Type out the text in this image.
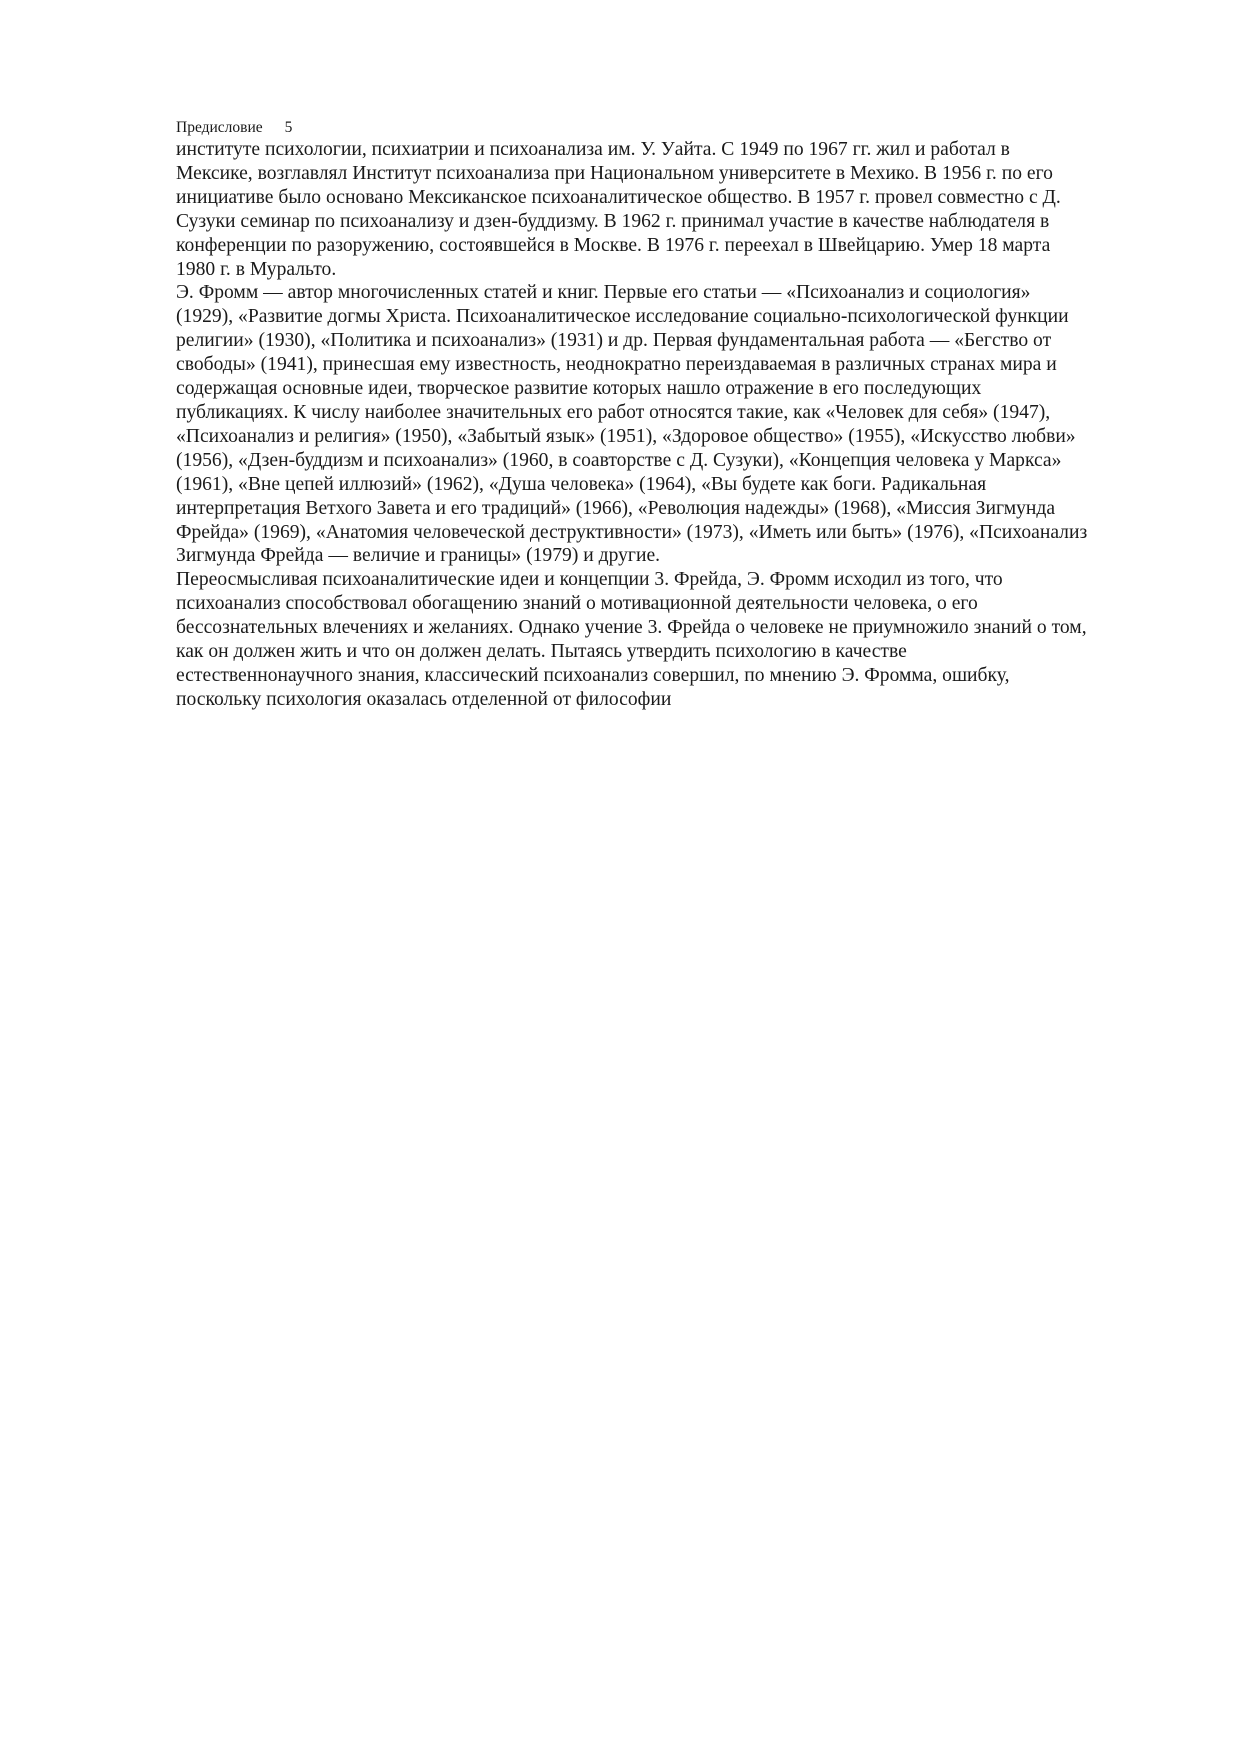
Предисловие 5
институте психологии, психиатрии и психоанализа им. У. Уайта. С 1949 по 1967 гг. жил и работал в
Мексике, возглавлял Институт психоанализа при Национальном университете в Мехико. В 1956 г. по его
инициативе было основано Мексиканское психоаналитическое общество. В 1957 г. провел совместно с Д.
Сузуки семинар по психоанализу и дзен-буддизму. В 1962 г. принимал участие в качестве наблюдателя в
конференции по разоружению, состоявшейся в Москве. В 1976 г. переехал в Швейцарию. Умер 18 марта
1980 г. в Муральто.
Э. Фромм — автор многочисленных статей и книг. Первые его статьи — «Психоанализ и социология»
(1929), «Развитие догмы Христа. Психоаналитическое исследование социально-психологической функции
религии» (1930), «Политика и психоанализ» (1931) и др. Первая фундаментальная работа — «Бегство от
свободы» (1941), принесшая ему известность, неоднократно переиздаваемая в различных странах мира и
содержащая основные идеи, творческое развитие которых нашло отражение в его последующих
публикациях. К числу наиболее значительных его работ относятся такие, как «Человек для себя» (1947),
«Психоанализ и религия» (1950), «Забытый язык» (1951), «Здоровое общество» (1955), «Искусство любви»
(1956), «Дзен-буддизм и психоанализ» (1960, в соавторстве с Д. Сузуки), «Концепция человека у Маркса»
(1961), «Вне цепей иллюзий» (1962), «Душа человека» (1964), «Вы будете как боги. Радикальная
интерпретация Ветхого Завета и его традиций» (1966), «Революция надежды» (1968), «Миссия Зигмунда
Фрейда» (1969), «Анатомия человеческой деструктивности» (1973), «Иметь или быть» (1976), «Психоанализ
Зигмунда Фрейда — величие и границы» (1979) и другие.
Переосмысливая психоаналитические идеи и концепции 3. Фрейда, Э. Фромм исходил из того, что
психоанализ способствовал обогащению знаний о мотивационной деятельности человека, о его
бессознательных влечениях и желаниях. Однако учение 3. Фрейда о человеке не приумножило знаний о том,
как он должен жить и что он должен делать. Пытаясь утвердить психологию в качестве
естественнонаучного знания, классический психоанализ совершил, по мнению Э. Фромма, ошибку,
поскольку психология оказалась отделенной от философии
